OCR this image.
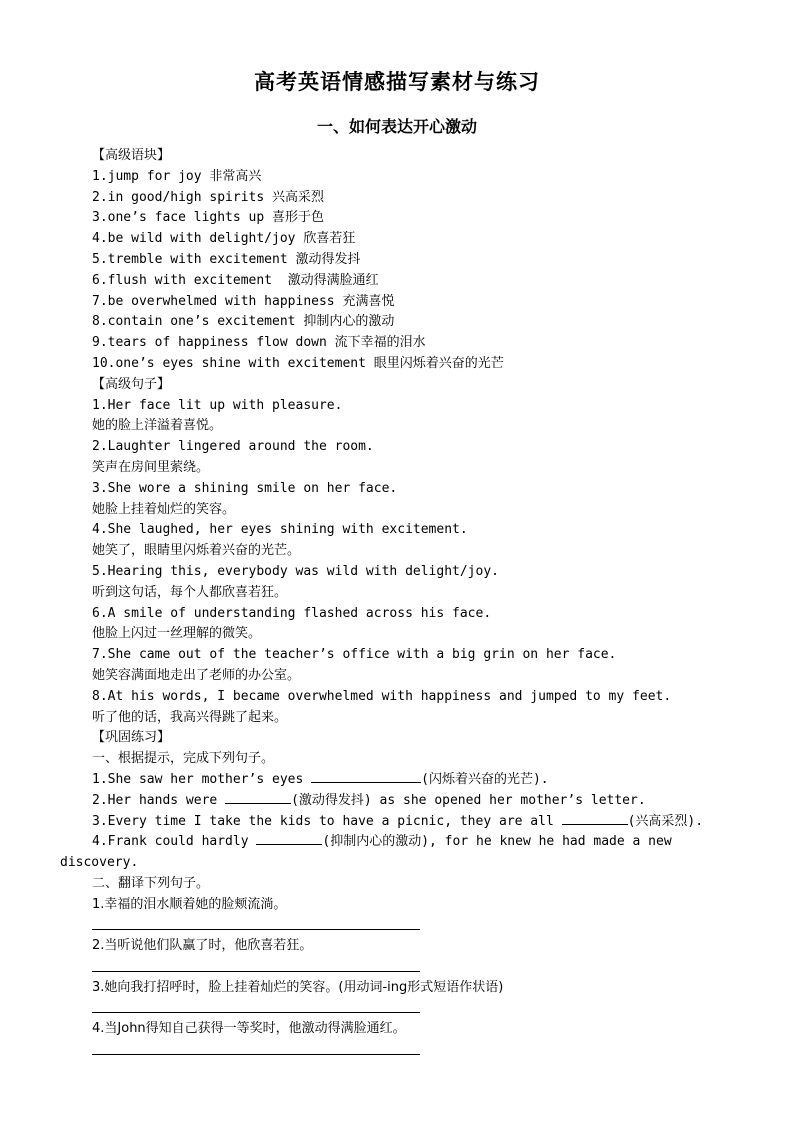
高考英语情感描写素材与练习
一、如何表达开心激动
【高级语块】
1.jump for joy 非常高兴
2.in good/high spirits 兴高采烈
3.one’s face lights up 喜形于色
4.be wild with delight/joy 欣喜若狂
5.tremble with excitement 激动得发抖
6.flush with excitement  激动得满脸通红
7.be overwhelmed with happiness 充满喜悦
8.contain one’s excitement 抑制内心的激动
9.tears of happiness flow down 流下幸福的泪水
10.one’s eyes shine with excitement 眼里闪烁着兴奋的光芒
【高级句子】
1.Her face lit up with pleasure.
她的脸上洋溢着喜悦。
2.Laughter lingered around the room.
笑声在房间里萦绕。
3.She wore a shining smile on her face.
她脸上挂着灿烂的笑容。
4.She laughed, her eyes shining with excitement.
她笑了，眼睛里闪烁着兴奋的光芒。
5.Hearing this, everybody was wild with delight/joy.
听到这句话，每个人都欣喜若狂。
6.A smile of understanding flashed across his face.
他脸上闪过一丝理解的微笑。
7.She came out of the teacher’s office with a big grin on her face.
她笑容满面地走出了老师的办公室。
8.At his words, I became overwhelmed with happiness and jumped to my feet.
听了他的话，我高兴得跳了起来。
【巩固练习】
一、根据提示，完成下列句子。
1.She saw her mother’s eyes	(闪烁着兴奋的光芒).
2.Her hands were	(激动得发抖) as she opened her mother’s letter.
3.Every time I take the kids to have a picnic, they are all	(兴高采烈).
4.Frank could hardly	(抑制内心的激动), for he knew he had made a new
discovery.
二、翻译下列句子。
1.幸福的泪水顺着她的脸颊流淌。
2.当听说他们队赢了时，他欣喜若狂。
3.她向我打招呼时，脸上挂着灿烂的笑容。(用动词-ing形式短语作状语)
4.当John得知自己获得一等奖时，他激动得满脸通红。
